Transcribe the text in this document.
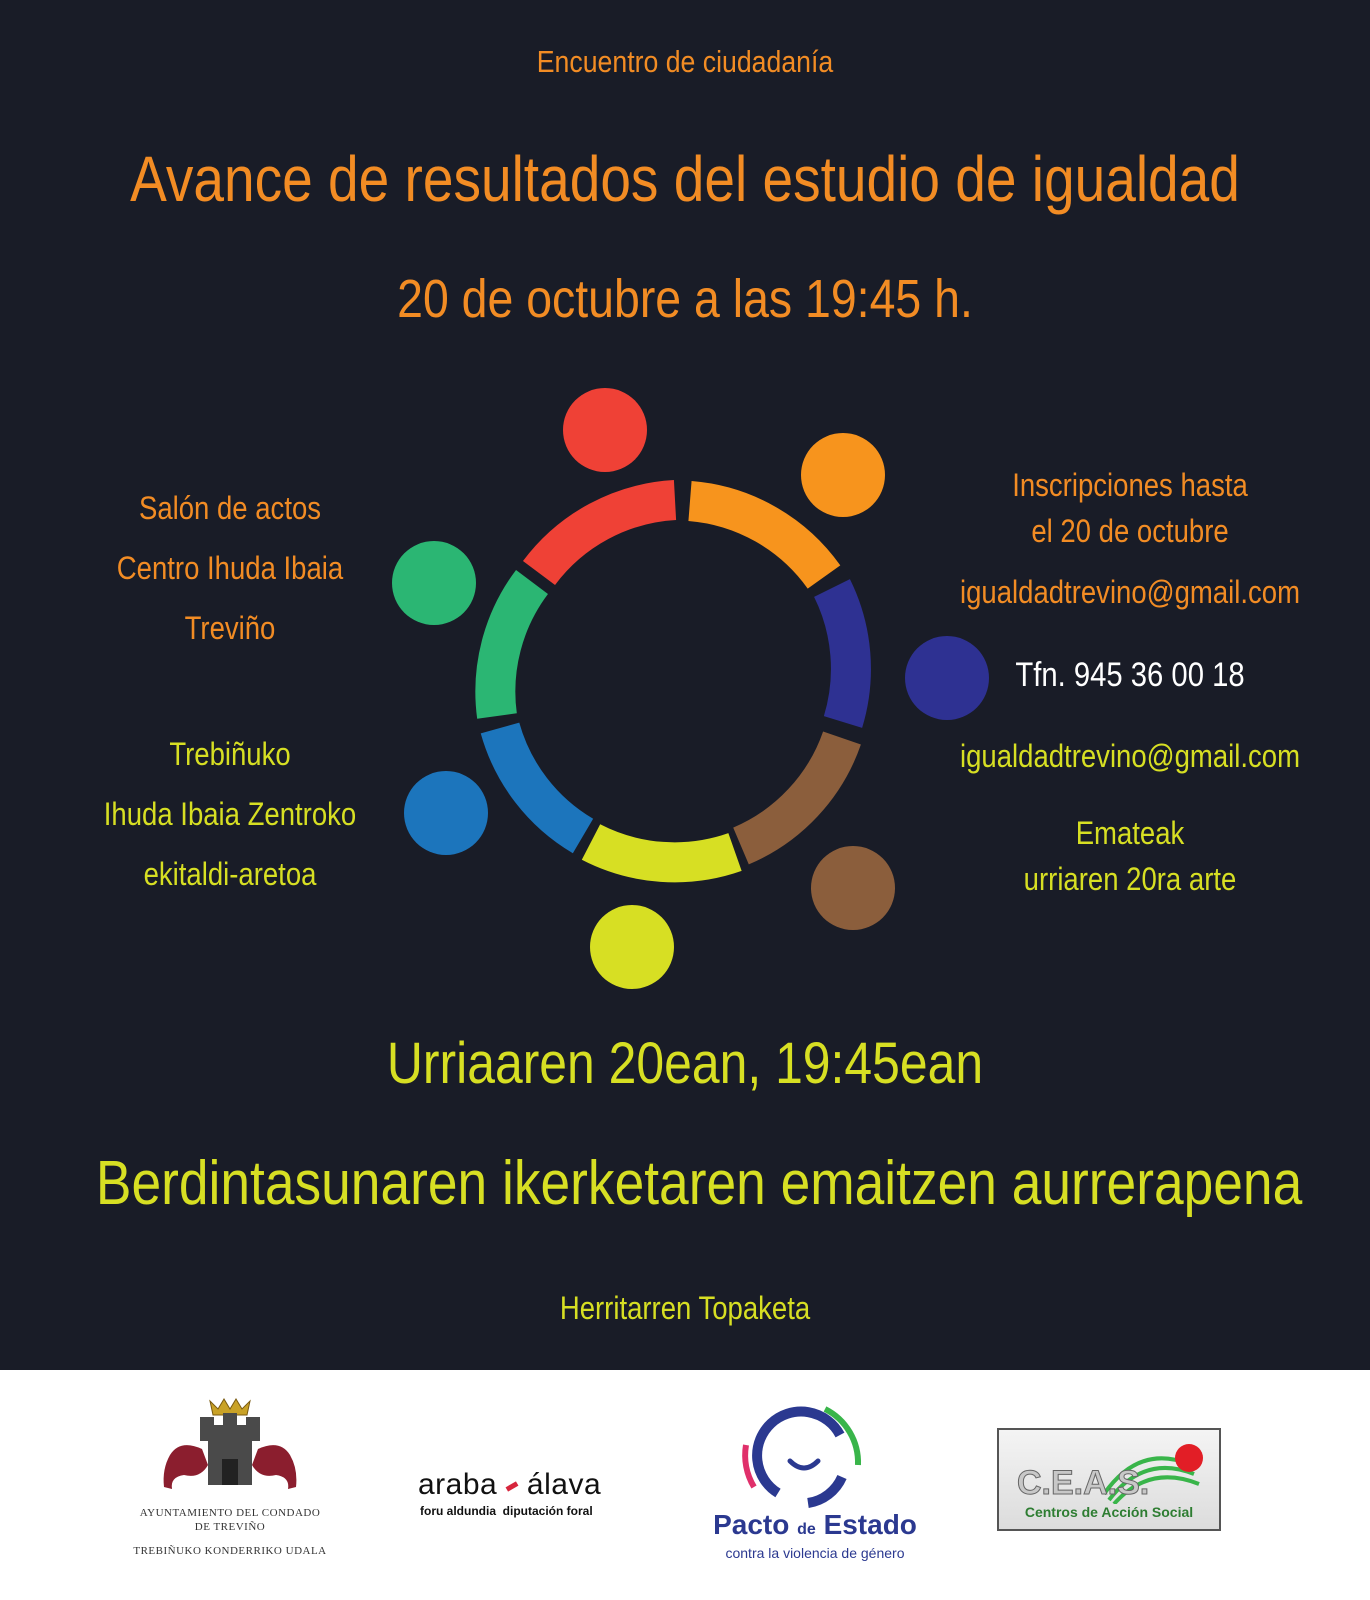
Encuentro de ciudadanía
Avance de resultados del estudio de igualdad
20 de octubre a las 19:45 h.
Salón de actos
Centro Ihuda Ibaia
Treviño
Trebiñuko
Ihuda Ibaia Zentroko
ekitaldi-aretoa
Inscripciones hasta
el 20 de octubre
igualdadtrevino@gmail.com
Tfn. 945 36 00 18
igualdadtrevino@gmail.com
Emateak
urriaren 20ra arte
Urriaaren 20ean, 19:45ean
Berdintasunaren ikerketaren emaitzen aurrerapena
Herritarren Topaketa
AYUNTAMIENTO DEL CONDADO
DE TREVIÑO
TREBIÑUKO KONDERRIKO UDALA
araba álava
foru aldundia diputación foral	Pacto de Estado
contra la violencia de género
C.E.A.S.
Centros de Acción Social
